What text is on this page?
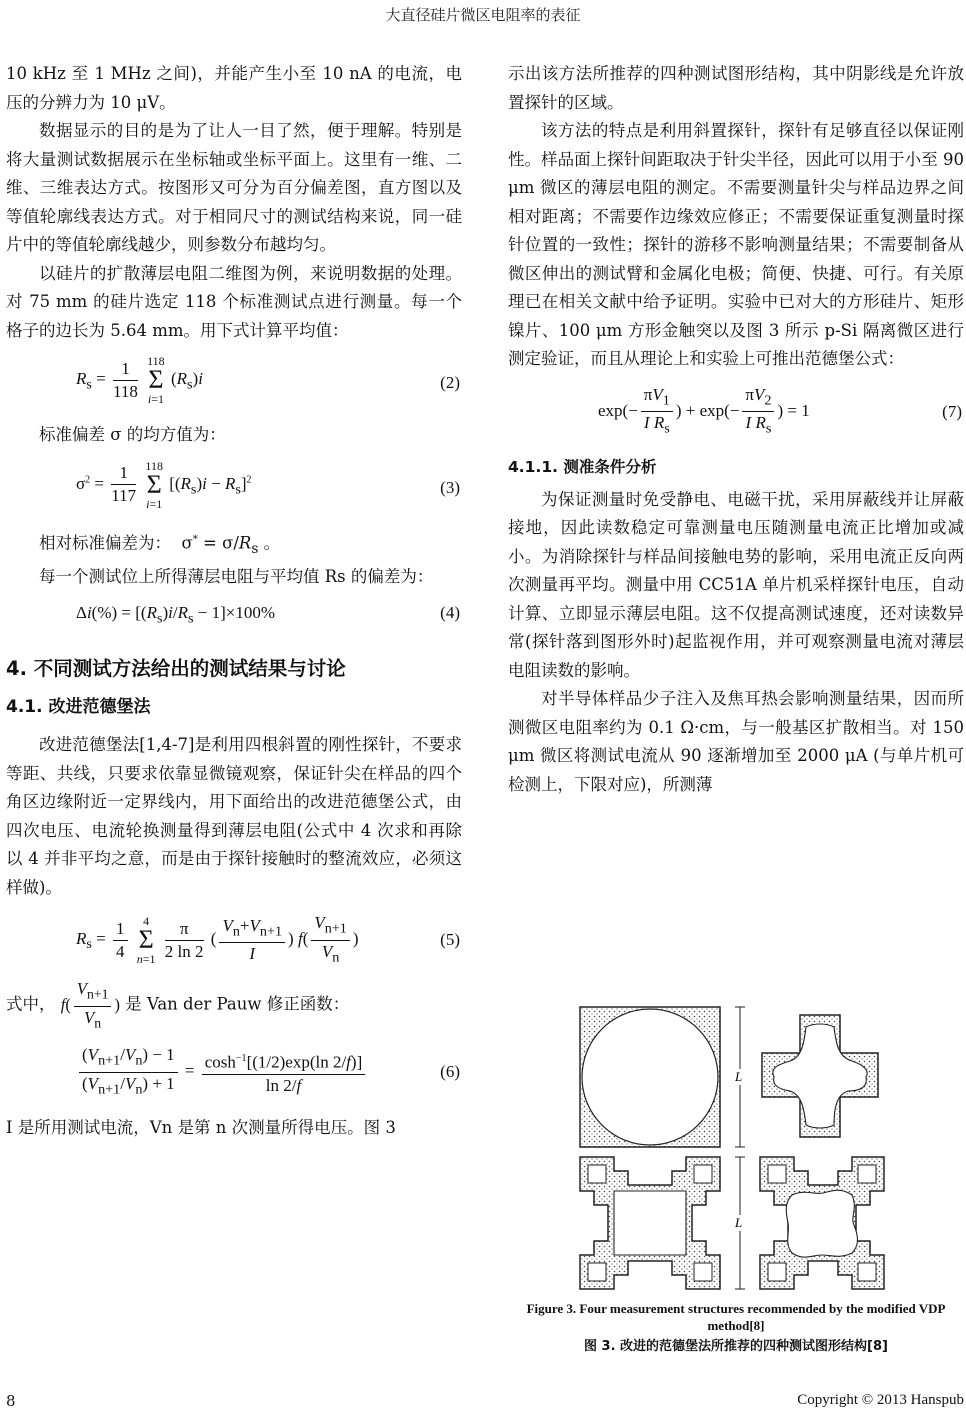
大直径硅片微区电阻率的表征

10 kHz 至 1 MHz 之间)，并能产生小至 10 nA 的电流，电压的分辨力为 10 μV。

数据显示的目的是为了让人一目了然，便于理解。特别是将大量测试数据展示在坐标轴或坐标平面上。这里有一维、二维、三维表达方式。按图形又可分为百分偏差图，直方图以及等值轮廓线表达方式。对于相同尺寸的测试结构来说，同一硅片中的等值轮廓线越少，则参数分布越均匀。

以硅片的扩散薄层电阻二维图为例，来说明数据的处理。对 75 mm 的硅片选定 118 个标准测试点进行测量。每一个格子的边长为 5.64 mm。用下式计算平均值：

$R_s = \frac{1}{118} 118$
Σ
i=1 $(R_s)i$	(2)

标准偏差 σ 的均方值为：

$\sigma^2 = \frac{1}{117} 118$
Σ
i=1 $[(R_s)i - R_s]^2$	(3)

相对标准偏差为：  $\sigma^* = \sigma/R_s$ 。

每一个测试位上所得薄层电阻与平均值 Rs 的偏差为：

$\Delta i(\%) = [(R_s)i/R_s - 1]\times 100\%$	(4)
4. 不同测试方法给出的测试结果与讨论
4.1. 改进范德堡法

改进范德堡法[1,4-7]是利用四根斜置的刚性探针，不要求等距、共线，只要求依靠显微镜观察，保证针尖在样品的四个角区边缘附近一定界线内，用下面给出的改进范德堡公式，由四次电压、电流轮换测量得到薄层电阻(公式中 4 次求和再除以 4 并非平均之意，而是由于探针接触时的整流效应，必须这样做)。

$R_s = \frac{1}{4} 4$
Σ
$n=1 \frac{\pi}{2 \ln 2}$ ( $\frac{V_n+V_{n+1}}{I}$ ) $f( \frac{V_{n+1}}{V_n}$ )	(5)

式中， $f( \frac{V_{n+1}}{V_n}$ ) 是 Van der Pauw 修正函数：

$\frac{(V_{n+1}/V_n) - 1}{(V_{n+1}/V_n) + 1} = \frac{\cosh^{-1}[(1/2)\exp(\ln 2/f)]}{\ln 2/f}$	(6)

I 是所用测试电流，Vn 是第 n 次测量所得电压。图 3

示出该方法所推荐的四种测试图形结构，其中阴影线是允许放置探针的区域。

该方法的特点是利用斜置探针，探针有足够直径以保证刚性。样品面上探针间距取决于针尖半径，因此可以用于小至 90 μm 微区的薄层电阻的测定。不需要测量针尖与样品边界之间相对距离；不需要作边缘效应修正；不需要保证重复测量时探针位置的一致性；探针的游移不影响测量结果；不需要制备从微区伸出的测试臂和金属化电极；简便、快捷、可行。有关原理已在相关文献中给予证明。实验中已对大的方形硅片、矩形镍片、100 μm 方形金触突以及图 3 所示 p-Si 隔离微区进行测定验证，而且从理论上和实验上可推出范德堡公式：

$\exp(- \frac{\pi V_1}{I R_s}$ ) + $\exp(- \frac{\pi V_2}{I R_s}$ ) = 1	(7)
4.1.1. 测准条件分析

为保证测量时免受静电、电磁干扰，采用屏蔽线并让屏蔽接地，因此读数稳定可靠测量电压随测量电流正比增加或减小。为消除探针与样品间接触电势的影响，采用电流正反向两次测量再平均。测量中用 CC51A 单片机采样探针电压，自动计算、立即显示薄层电阻。这不仅提高测试速度，还对读数异常(探针落到图形外时)起监视作用，并可观察测量电流对薄层电阻读数的影响。

对半导体样品少子注入及焦耳热会影响测量结果，因而所测微区电阻率约为 0.1 Ω·cm，与一般基区扩散相当。对 150 μm 微区将测试电流从 90 逐渐增加至 2000 μA (与单片机可检测上，下限对应)，所测薄

L
L
Figure 3. Four measurement structures recommended by the modified VDP method[8]
图 3. 改进的范德堡法所推荐的四种测试图形结构[8]
8	Copyright © 2013 Hanspub
